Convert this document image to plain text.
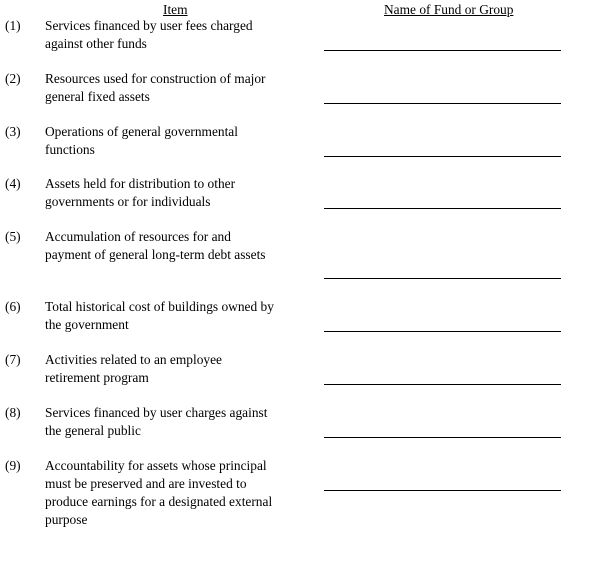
Item	Name of Fund or Group
(1) Services financed by user fees charged
against other funds
(2) Resources used for construction of major
general fixed assets
(3) Operations of general governmental
functions
(4) Assets held for distribution to other
governments or for individuals
(5) Accumulation of resources for and
payment of general long-term debt assets
(6) Total historical cost of buildings owned by
the government
(7) Activities related to an employee
retirement program
(8) Services financed by user charges against
the general public
(9) Accountability for assets whose principal
must be preserved and are invested to
produce earnings for a designated external
purpose
